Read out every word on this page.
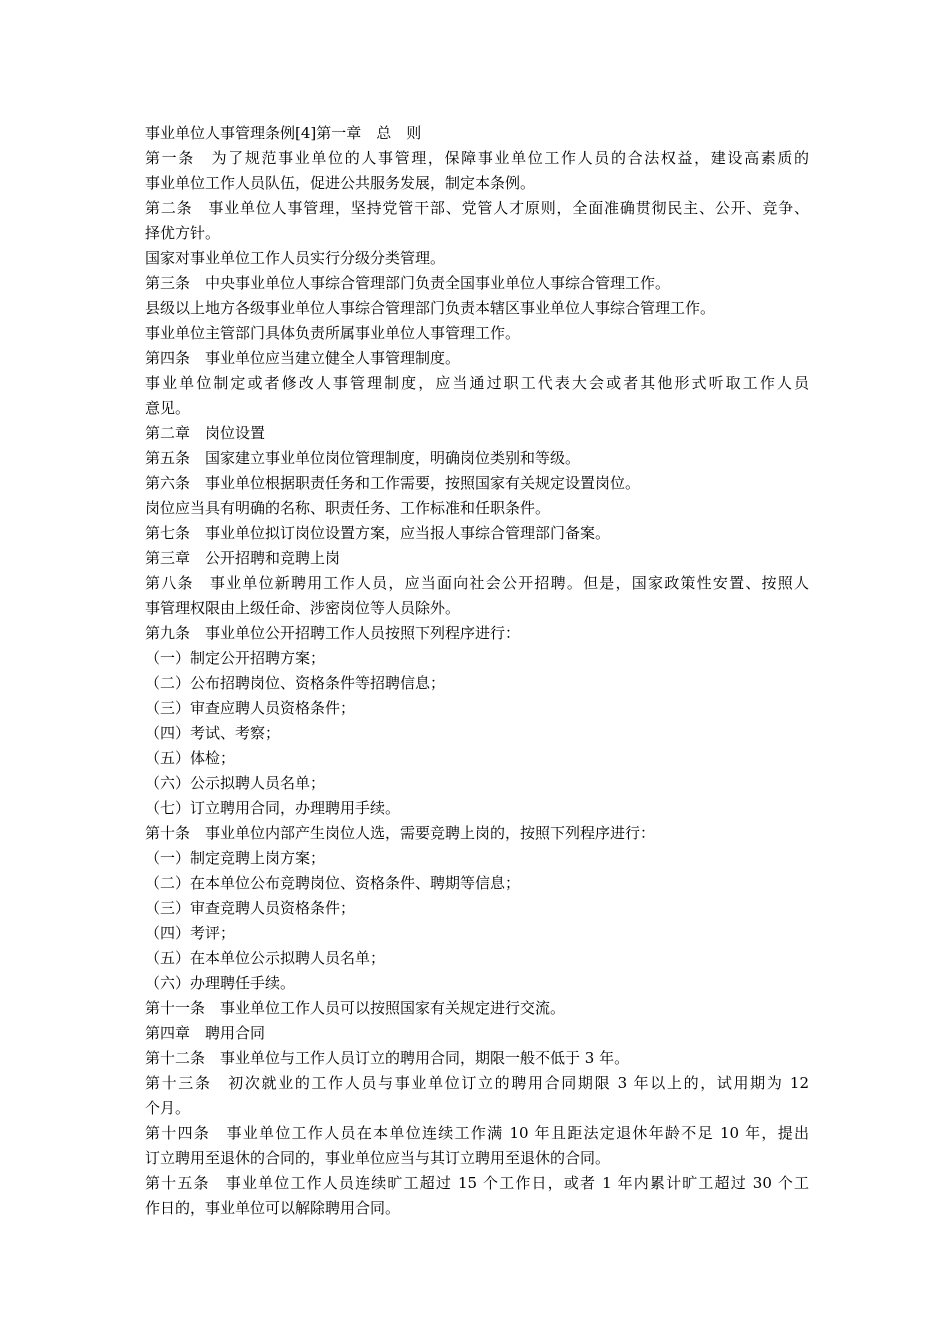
事业单位人事管理条例[4]第一章　总　则
第一条　为了规范事业单位的人事管理，保障事业单位工作人员的合法权益，建设高素质的
事业单位工作人员队伍，促进公共服务发展，制定本条例。
第二条　事业单位人事管理，坚持党管干部、党管人才原则，全面准确贯彻民主、公开、竞争、
择优方针。
国家对事业单位工作人员实行分级分类管理。
第三条　中央事业单位人事综合管理部门负责全国事业单位人事综合管理工作。
县级以上地方各级事业单位人事综合管理部门负责本辖区事业单位人事综合管理工作。
事业单位主管部门具体负责所属事业单位人事管理工作。
第四条　事业单位应当建立健全人事管理制度。
事业单位制定或者修改人事管理制度，应当通过职工代表大会或者其他形式听取工作人员
意见。
第二章　岗位设置
第五条　国家建立事业单位岗位管理制度，明确岗位类别和等级。
第六条　事业单位根据职责任务和工作需要，按照国家有关规定设置岗位。
岗位应当具有明确的名称、职责任务、工作标准和任职条件。
第七条　事业单位拟订岗位设置方案，应当报人事综合管理部门备案。
第三章　公开招聘和竞聘上岗
第八条　事业单位新聘用工作人员，应当面向社会公开招聘。但是，国家政策性安置、按照人
事管理权限由上级任命、涉密岗位等人员除外。
第九条　事业单位公开招聘工作人员按照下列程序进行：
（一）制定公开招聘方案；
（二）公布招聘岗位、资格条件等招聘信息；
（三）审查应聘人员资格条件；
（四）考试、考察；
（五）体检；
（六）公示拟聘人员名单；
（七）订立聘用合同，办理聘用手续。
第十条　事业单位内部产生岗位人选，需要竞聘上岗的，按照下列程序进行：
（一）制定竞聘上岗方案；
（二）在本单位公布竞聘岗位、资格条件、聘期等信息；
（三）审查竞聘人员资格条件；
（四）考评；
（五）在本单位公示拟聘人员名单；
（六）办理聘任手续。
第十一条　事业单位工作人员可以按照国家有关规定进行交流。
第四章　聘用合同
第十二条　事业单位与工作人员订立的聘用合同，期限一般不低于 3 年。
第十三条　初次就业的工作人员与事业单位订立的聘用合同期限 3 年以上的，试用期为 12
个月。
第十四条　事业单位工作人员在本单位连续工作满 10 年且距法定退休年龄不足 10 年，提出
订立聘用至退休的合同的，事业单位应当与其订立聘用至退休的合同。
第十五条　事业单位工作人员连续旷工超过 15 个工作日，或者 1 年内累计旷工超过 30 个工
作日的，事业单位可以解除聘用合同。
